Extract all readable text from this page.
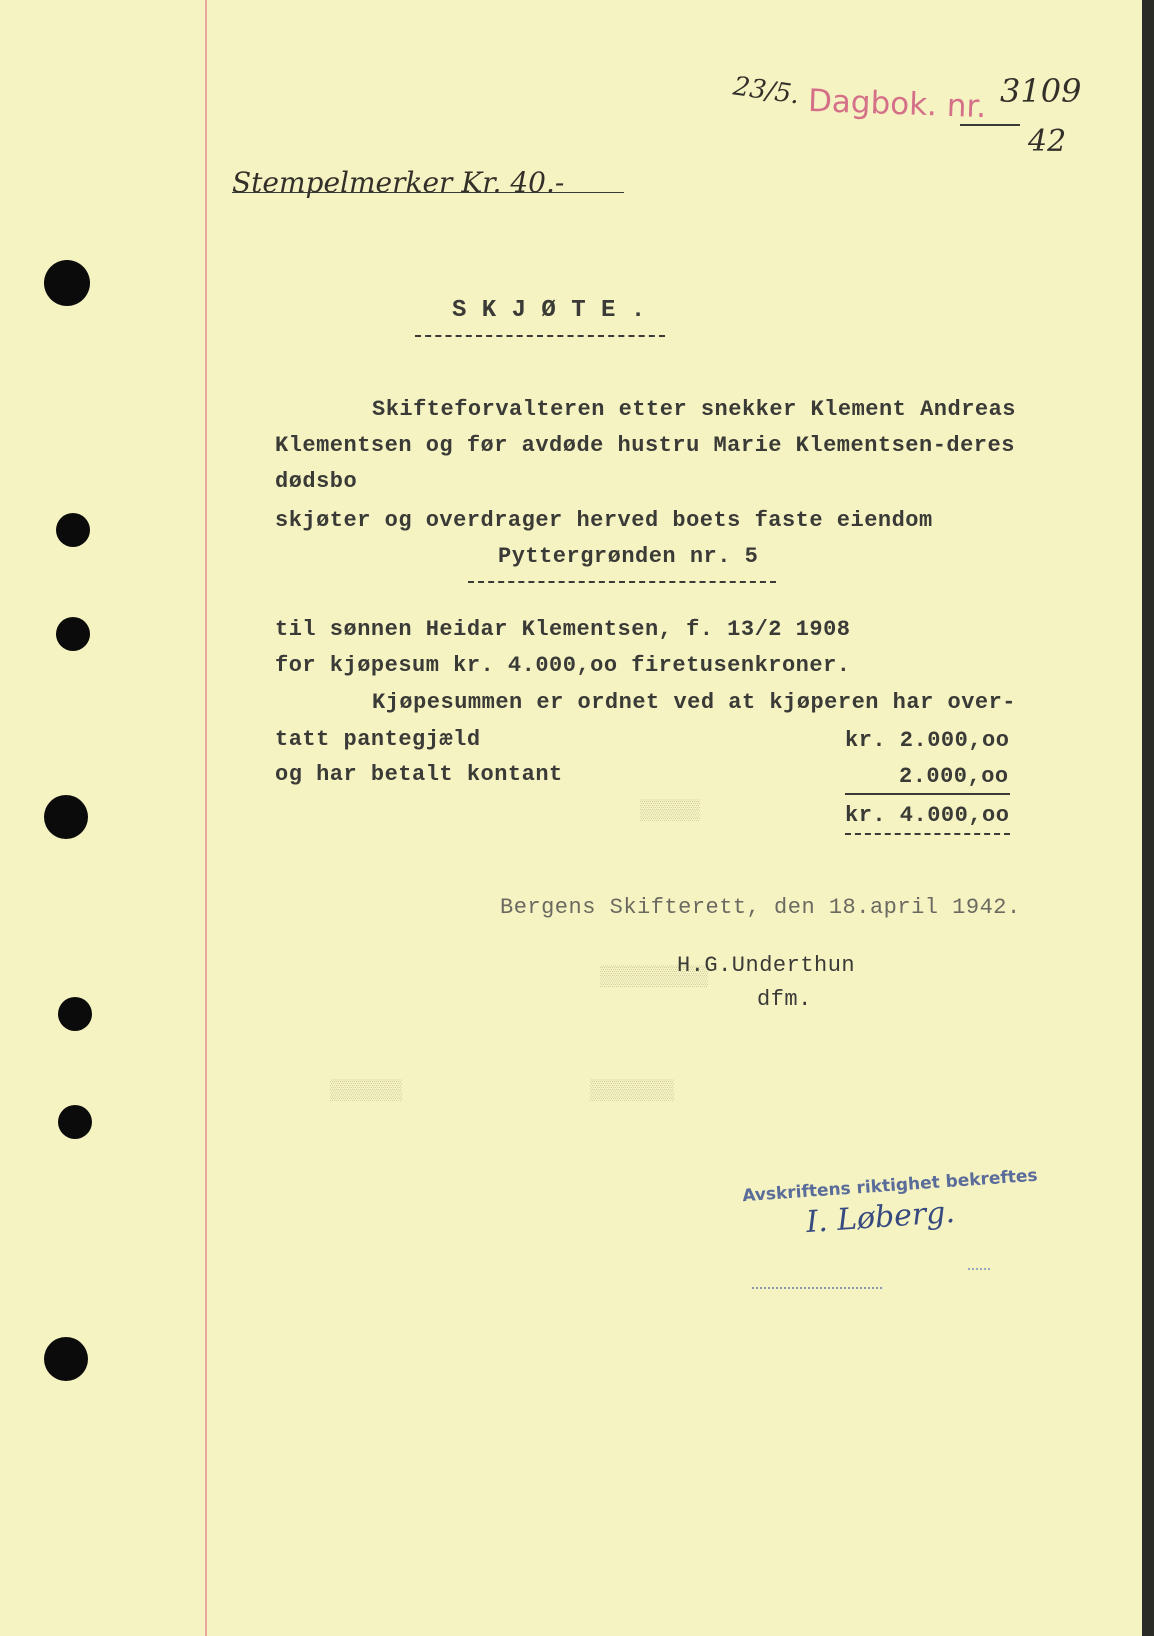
23/5. Dagbok. nr. 3109
42
Stempelmerker Kr. 40.-
S K J Ø T E .
Skifteforvalteren etter snekker Klement Andreas
Klementsen og før avdøde hustru Marie Klementsen-deres
dødsbo
skjøter og overdrager herved boets faste eiendom
Pyttergrønden nr. 5
til sønnen Heidar Klementsen, f. 13/2 1908
for kjøpesum kr. 4.000,oo firetusenkroner.
Kjøpesummen er ordnet ved at kjøperen har over-
tatt pantegjæld	kr. 2.000,oo
og har betalt kontant	2.000,oo
kr. 4.000,oo
▒▒▒▒▒
▒▒▒▒▒▒▒▒▒
▒▒▒▒▒▒	▒▒▒▒▒▒▒
Bergens Skifterett, den 18.april 1942.
H.G.Underthun
dfm.
Avskriftens riktighet bekreftes
I. Løberg.
